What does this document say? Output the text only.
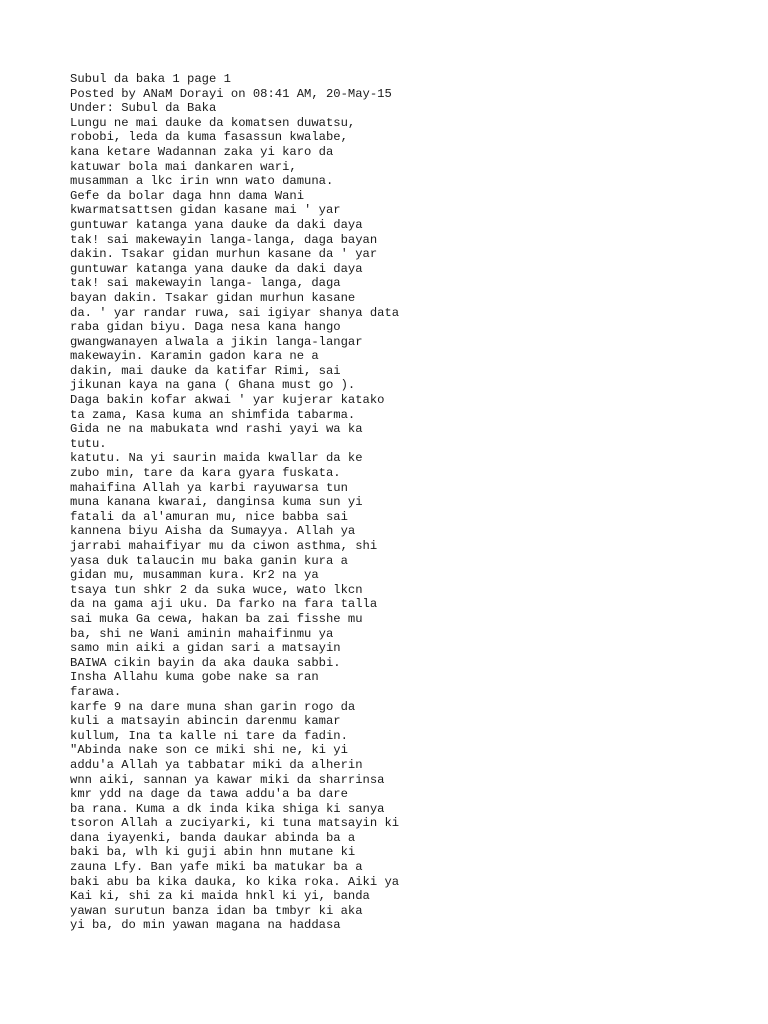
Subul da baka 1 page 1
Posted by ANaM Dorayi on 08:41 AM, 20-May-15
Under: Subul da Baka
Lungu ne mai dauke da komatsen duwatsu,
robobi, leda da kuma fasassun kwalabe,
kana ketare Wadannan zaka yi karo da
katuwar bola mai dankaren wari,
musamman a lkc irin wnn wato damuna.
Gefe da bolar daga hnn dama Wani
kwarmatsattsen gidan kasane mai ' yar
guntuwar katanga yana dauke da daki daya
tak! sai makewayin langa-langa, daga bayan
dakin. Tsakar gidan murhun kasane da ' yar
guntuwar katanga yana dauke da daki daya
tak! sai makewayin langa- langa, daga
bayan dakin. Tsakar gidan murhun kasane
da. ' yar randar ruwa, sai igiyar shanya data
raba gidan biyu. Daga nesa kana hango
gwangwanayen alwala a jikin langa-langar
makewayin. Karamin gadon kara ne a
dakin, mai dauke da katifar Rimi, sai
jikunan kaya na gana ( Ghana must go ).
Daga bakin kofar akwai ' yar kujerar katako
ta zama, Kasa kuma an shimfida tabarma.
Gida ne na mabukata wnd rashi yayi wa ka
tutu.
katutu. Na yi saurin maida kwallar da ke
zubo min, tare da kara gyara fuskata.
mahaifina Allah ya karbi rayuwarsa tun
muna kanana kwarai, danginsa kuma sun yi
fatali da al'amuran mu, nice babba sai
kannena biyu Aisha da Sumayya. Allah ya
jarrabi mahaifiyar mu da ciwon asthma, shi
yasa duk talaucin mu baka ganin kura a
gidan mu, musamman kura. Kr2 na ya
tsaya tun shkr 2 da suka wuce, wato lkcn
da na gama aji uku. Da farko na fara talla
sai muka Ga cewa, hakan ba zai fisshe mu
ba, shi ne Wani aminin mahaifinmu ya
samo min aiki a gidan sari a matsayin
BAIWA cikin bayin da aka dauka sabbi.
Insha Allahu kuma gobe nake sa ran
farawa.
karfe 9 na dare muna shan garin rogo da
kuli a matsayin abincin darenmu kamar
kullum, Ina ta kalle ni tare da fadin.
"Abinda nake son ce miki shi ne, ki yi
addu'a Allah ya tabbatar miki da alherin
wnn aiki, sannan ya kawar miki da sharrinsa
kmr ydd na dage da tawa addu'a ba dare
ba rana. Kuma a dk inda kika shiga ki sanya
tsoron Allah a zuciyarki, ki tuna matsayin ki
dana iyayenki, banda daukar abinda ba a
baki ba, wlh ki guji abin hnn mutane ki
zauna Lfy. Ban yafe miki ba matukar ba a
baki abu ba kika dauka, ko kika roka. Aiki ya
Kai ki, shi za ki maida hnkl ki yi, banda
yawan surutun banza idan ba tmbyr ki aka
yi ba, do min yawan magana na haddasa
